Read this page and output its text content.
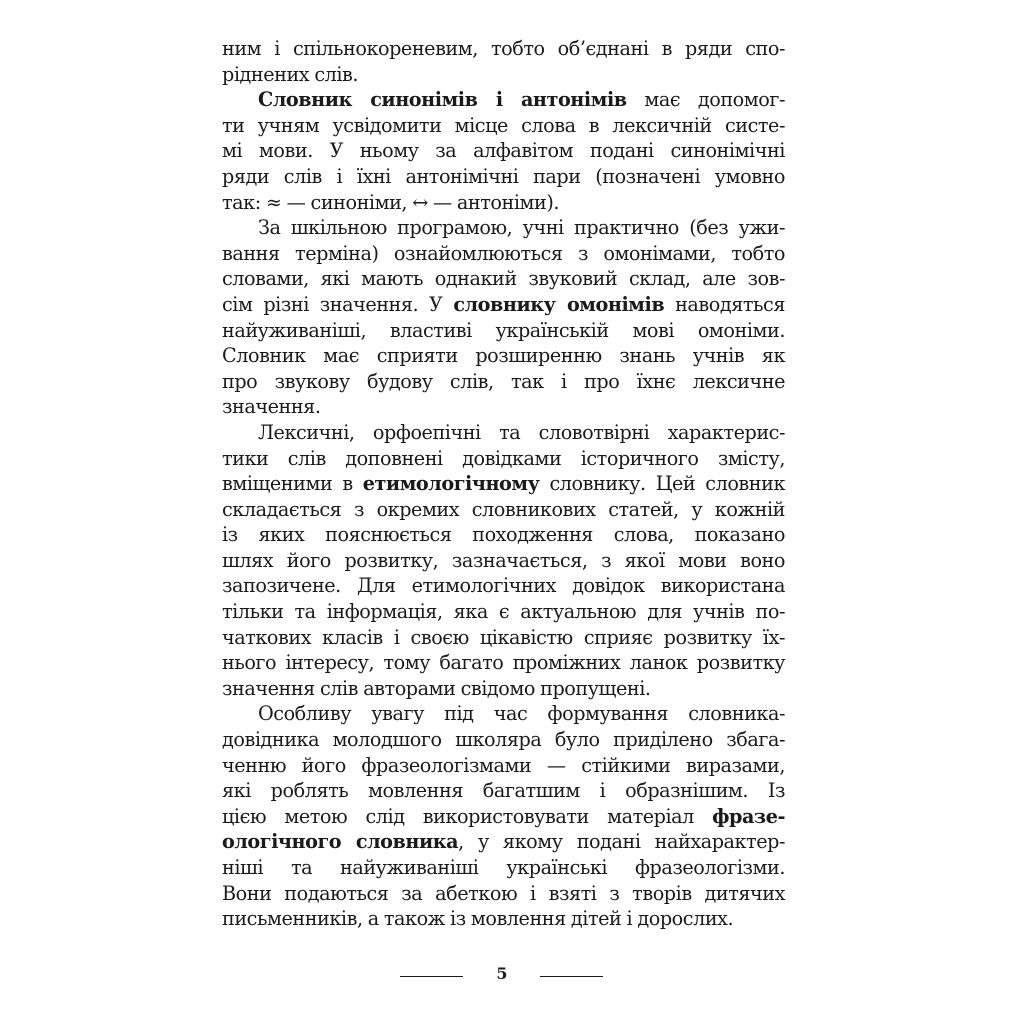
ним і спільнокореневим, тобто об’єднані в ряди спо-
ріднених слів.
Словник синонімів і антонімів має допомог-
ти учням усвідомити місце слова в лексичній систе-
мі мови. У ньому за алфавітом подані синонімічні
ряди слів і їхні антонімічні пари (позначені умовно
так: ≈ — синоніми, ↔ — антоніми).
За шкільною програмою, учні практично (без ужи-
вання терміна) ознайомлюються з омонімами, тобто
словами, які мають однакий звуковий склад, але зов-
сім різні значення. У словнику омонімів наводяться
найуживаніші, властиві українській мові омоніми.
Словник має сприяти розширенню знань учнів як
про звукову будову слів, так і про їхнє лексичне
значення.
Лексичні, орфоепічні та словотвірні характерис-
тики слів доповнені довідками історичного змісту,
вміщеними в етимологічному словнику. Цей словник
складається з окремих словникових статей, у кожній
із яких пояснюється походження слова, показано
шлях його розвитку, зазначається, з якої мови воно
запозичене. Для етимологічних довідок використана
тільки та інформація, яка є актуальною для учнів по-
чаткових класів і своєю цікавістю сприяє розвитку їх-
нього інтересу, тому багато проміжних ланок розвитку
значення слів авторами свідомо пропущені.
Особливу увагу під час формування словника-
довідника молодшого школяра було приділено збага-
ченню його фразеологізмами — стійкими виразами,
які роблять мовлення багатшим і образнішим. Із
цією метою слід використовувати матеріал фразе-
ологічного словника, у якому подані найхарактер-
ніші та найуживаніші українські фразеологізми.
Вони подаються за абеткою і взяті з творів дитячих
письменників, а також із мовлення дітей і дорослих.
5
